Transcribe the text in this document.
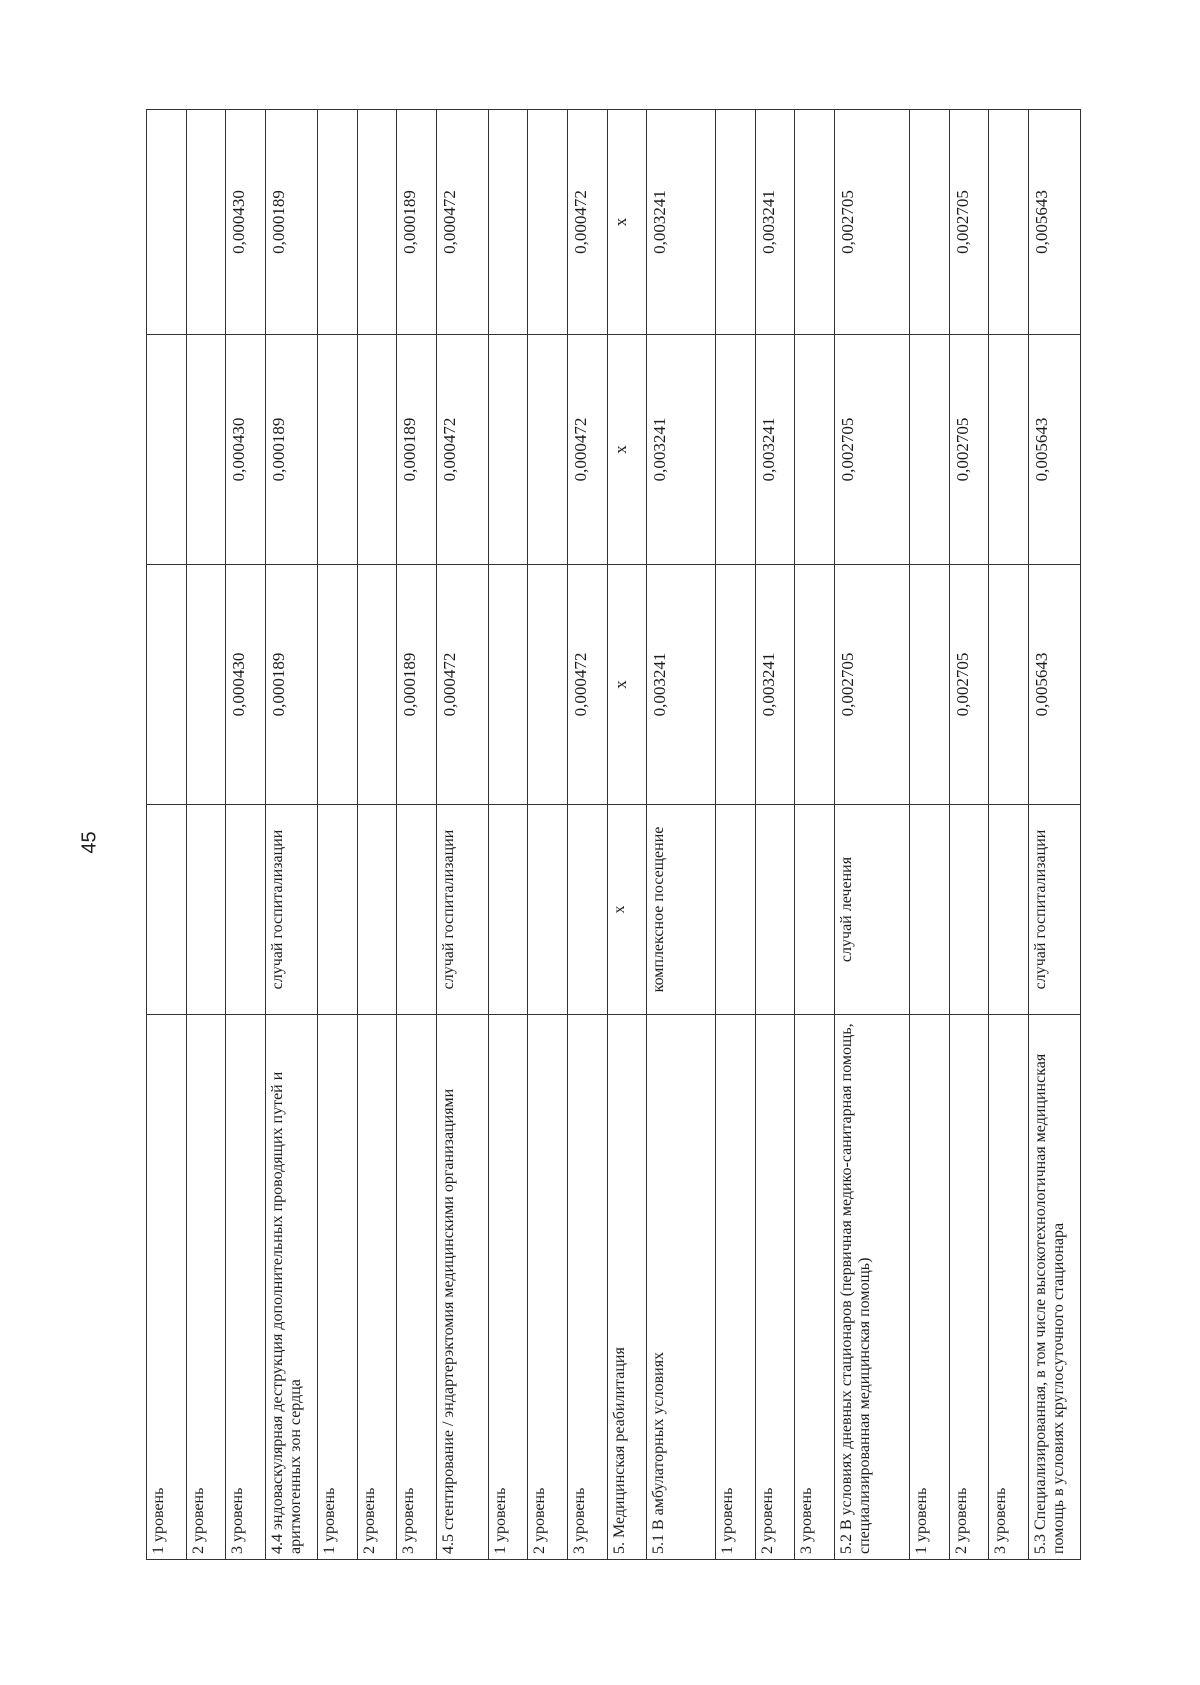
45
1 уровень				
2 уровень				
3 уровень		0,000430	0,000430	0,000430
4.4 эндоваскулярная деструкция дополнительных проводящих путей и аритмогенных зон сердца	случай госпитализации	0,000189	0,000189	0,000189
1 уровень				
2 уровень				
3 уровень		0,000189	0,000189	0,000189
4.5 стентирование / эндартерэктомия медицинскими организациями	случай госпитализации	0,000472	0,000472	0,000472
1 уровень				
2 уровень				
3 уровень		0,000472	0,000472	0,000472
5. Медицинская реабилитация	x	x	x	x
5.1 В амбулаторных условиях	комплексное посещение	0,003241	0,003241	0,003241
1 уровень				
2 уровень		0,003241	0,003241	0,003241
3 уровень				
5.2 В условиях дневных стационаров (первичная медико-санитарная помощь, специализированная медицинская помощь)	случай лечения	0,002705	0,002705	0,002705
1 уровень				
2 уровень		0,002705	0,002705	0,002705
3 уровень				
5.3 Специализированная, в том числе высокотехнологичная медицинская помощь в условиях круглосуточного стационара	случай госпитализации	0,005643	0,005643	0,005643
